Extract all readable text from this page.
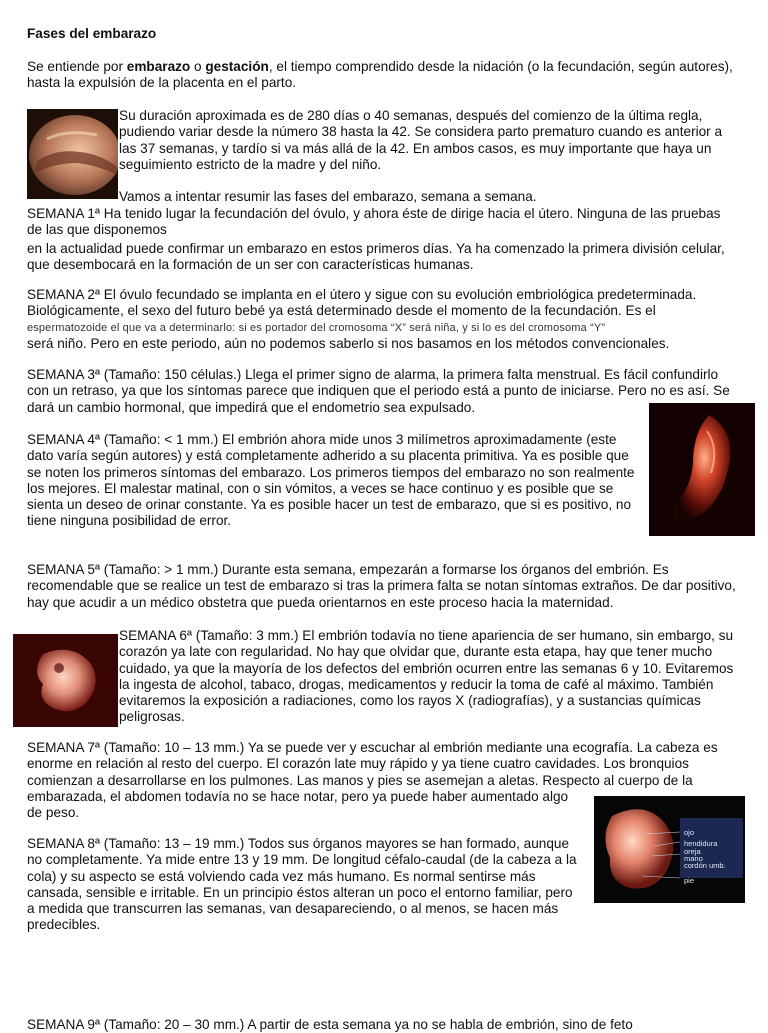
Fases del embarazo
Se entiende por embarazo o gestación, el tiempo comprendido desde la nidación (o la fecundación, según autores), hasta la expulsión de la placenta en el parto.
Su duración aproximada es de 280 días o 40 semanas, después del comienzo de la última regla,
pudiendo variar desde la número 38 hasta la 42. Se considera parto prematuro cuando es anterior a
las 37 semanas, y tardío si va más allá de la 42. En ambos casos, es muy importante que haya un
seguimiento estricto de la madre y del niño.
Vamos a intentar resumir las fases del embarazo, semana a semana.
SEMANA 1ª Ha tenido lugar la fecundación del óvulo, y ahora éste de dirige hacia el útero. Ninguna de las pruebas
de las que disponemos
en la actualidad puede confirmar un embarazo en estos primeros días. Ya ha comenzado la primera división celular,
que desembocará en la formación de un ser con características humanas.
SEMANA 2ª El óvulo fecundado se implanta en el útero y sigue con su evolución embriológica predeterminada.
Biológicamente, el sexo del futuro bebé ya está determinado desde el momento de la fecundación. Es el
espermatozoide el que va a determinarlo: si es portador del cromosoma “X” será niña, y si lo es del cromosoma “Y”
será niño. Pero en este periodo, aún no podemos saberlo si nos basamos en los métodos convencionales.
SEMANA 3ª (Tamaño: 150 células.) Llega el primer signo de alarma, la primera falta menstrual. Es fácil confundirlo
con un retraso, ya que los síntomas parece que indiquen que el periodo está a punto de iniciarse. Pero no es así. Se
dará un cambio hormonal, que impedirá que el endometrio sea expulsado.
SEMANA 4ª (Tamaño: < 1 mm.) El embrión ahora mide unos 3 milímetros aproximadamente (este
dato varía según autores) y está completamente adherido a su placenta primitiva. Ya es posible que
se noten los primeros síntomas del embarazo. Los primeros tiempos del embarazo no son realmente
los mejores. El malestar matinal, con o sin vómitos, a veces se hace continuo y es posible que se
sienta un deseo de orinar constante. Ya es posible hacer un test de embarazo, que si es positivo, no
tiene ninguna posibilidad de error.
SEMANA 5ª (Tamaño: > 1 mm.) Durante esta semana, empezarán a formarse los órganos del embrión. Es
recomendable que se realice un test de embarazo si tras la primera falta se notan síntomas extraños. De dar positivo,
hay que acudir a un médico obstetra que pueda orientarnos en este proceso hacia la maternidad.
SEMANA 6ª (Tamaño: 3 mm.) El embrión todavía no tiene apariencia de ser humano, sin embargo, su
corazón ya late con regularidad. No hay que olvidar que, durante esta etapa, hay que tener mucho
cuidado, ya que la mayoría de los defectos del embrión ocurren entre las semanas 6 y 10. Evitaremos
la ingesta de alcohol, tabaco, drogas, medicamentos y reducir la toma de café al máximo. También
evitaremos la exposición a radiaciones, como los rayos X (radiografías), y a sustancias químicas
peligrosas.
SEMANA 7ª (Tamaño: 10 – 13 mm.) Ya se puede ver y escuchar al embrión mediante una ecografía. La cabeza es
enorme en relación al resto del cuerpo. El corazón late muy rápido y ya tiene cuatro cavidades. Los bronquios
comienzan a desarrollarse en los pulmones. Las manos y pies se asemejan a aletas. Respecto al cuerpo de la
embarazada, el abdomen todavía no se hace notar, pero ya puede haber aumentado algo
de peso.
ojo
hendidura
oreja
mano
cordón umb.
pie
SEMANA 8ª (Tamaño: 13 – 19 mm.) Todos sus órganos mayores se han formado, aunque
no completamente. Ya mide entre 13 y 19 mm. De longitud céfalo-caudal (de la cabeza a la
cola) y su aspecto se está volviendo cada vez más humano. Es normal sentirse más
cansada, sensible e irritable. En un principio éstos alteran un poco el entorno familiar, pero
a medida que transcurren las semanas, van desapareciendo, o al menos, se hacen más
predecibles.
SEMANA 9ª (Tamaño: 20 – 30 mm.) A partir de esta semana ya no se habla de embrión, sino de feto
